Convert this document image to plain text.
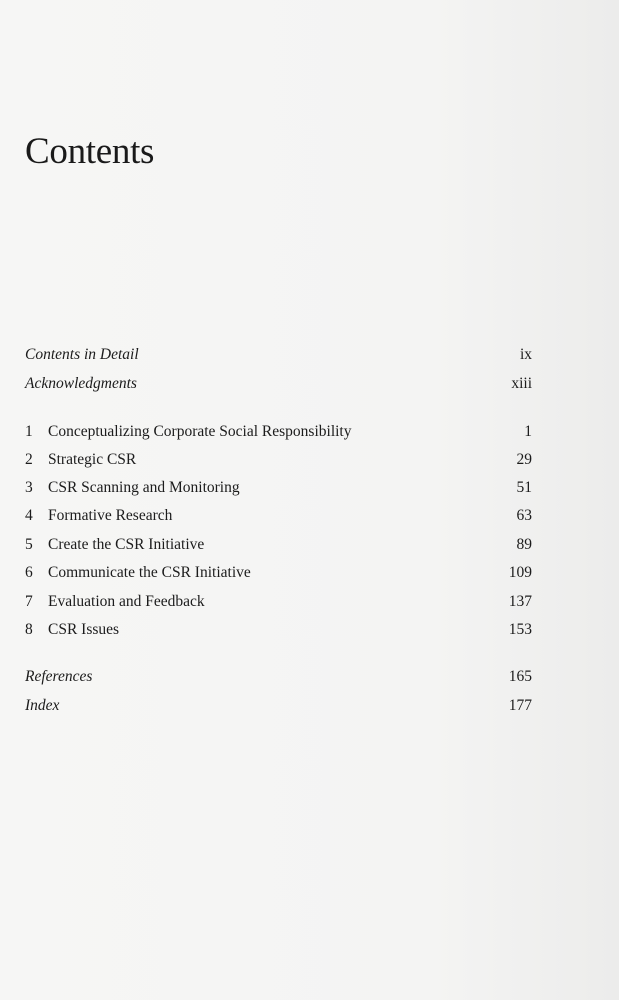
Contents
Contents in Detail	ix
Acknowledgments	xiii
1 Conceptualizing Corporate Social Responsibility	1
2 Strategic CSR	29
3 CSR Scanning and Monitoring	51
4 Formative Research	63
5 Create the CSR Initiative	89
6 Communicate the CSR Initiative	109
7 Evaluation and Feedback	137
8 CSR Issues	153
References	165
Index	177
